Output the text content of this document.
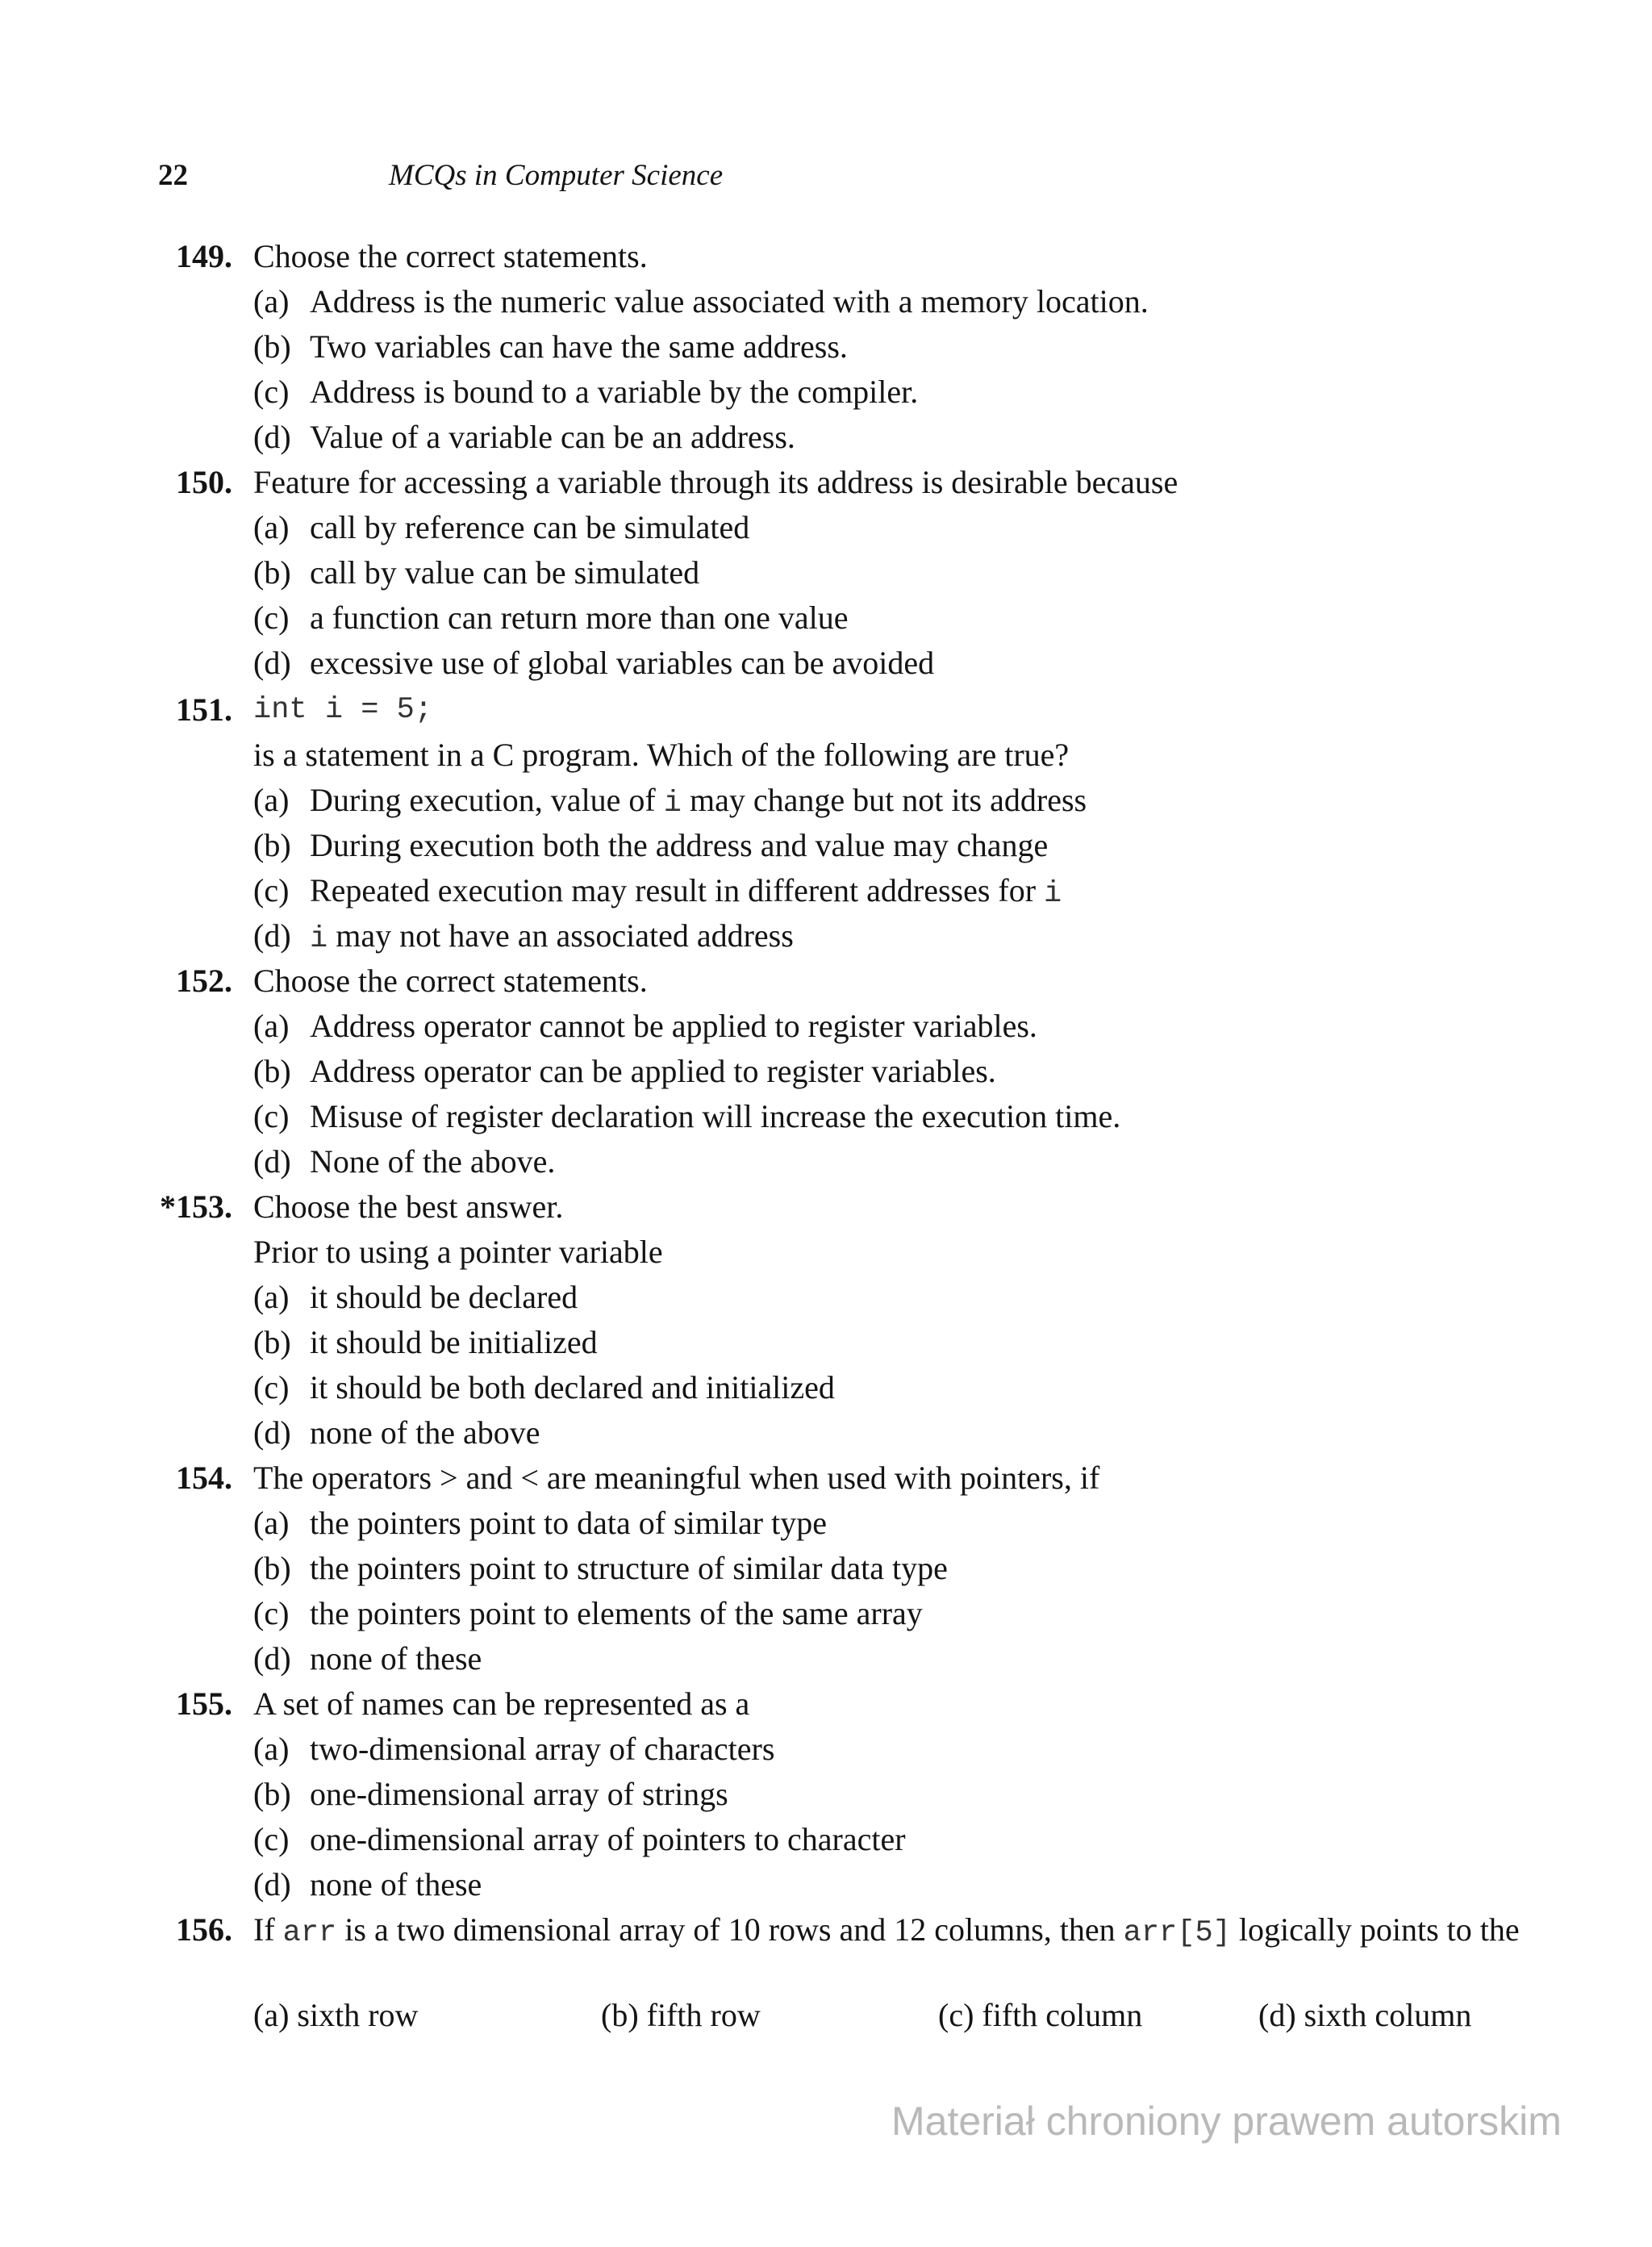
22	MCQs in Computer Science
149. Choose the correct statements.
(a) Address is the numeric value associated with a memory location.
(b) Two variables can have the same address.
(c) Address is bound to a variable by the compiler.
(d) Value of a variable can be an address.
150. Feature for accessing a variable through its address is desirable because
(a) call by reference can be simulated
(b) call by value can be simulated
(c) a function can return more than one value
(d) excessive use of global variables can be avoided
151. int i = 5;
is a statement in a C program. Which of the following are true?
(a) During execution, value of i may change but not its address
(b) During execution both the address and value may change
(c) Repeated execution may result in different addresses for i
(d) i may not have an associated address
152. Choose the correct statements.
(a) Address operator cannot be applied to register variables.
(b) Address operator can be applied to register variables.
(c) Misuse of register declaration will increase the execution time.
(d) None of the above.
*153. Choose the best answer.
Prior to using a pointer variable
(a) it should be declared
(b) it should be initialized
(c) it should be both declared and initialized
(d) none of the above
154. The operators > and < are meaningful when used with pointers, if
(a) the pointers point to data of similar type
(b) the pointers point to structure of similar data type
(c) the pointers point to elements of the same array
(d) none of these
155. A set of names can be represented as a
(a) two-dimensional array of characters
(b) one-dimensional array of strings
(c) one-dimensional array of pointers to character
(d) none of these
156. If arr is a two dimensional array of 10 rows and 12 columns, then arr[5] logically points to the
(a) sixth row	(b) fifth row	(c) fifth column	(d) sixth column
Materiał chroniony prawem autorskim
